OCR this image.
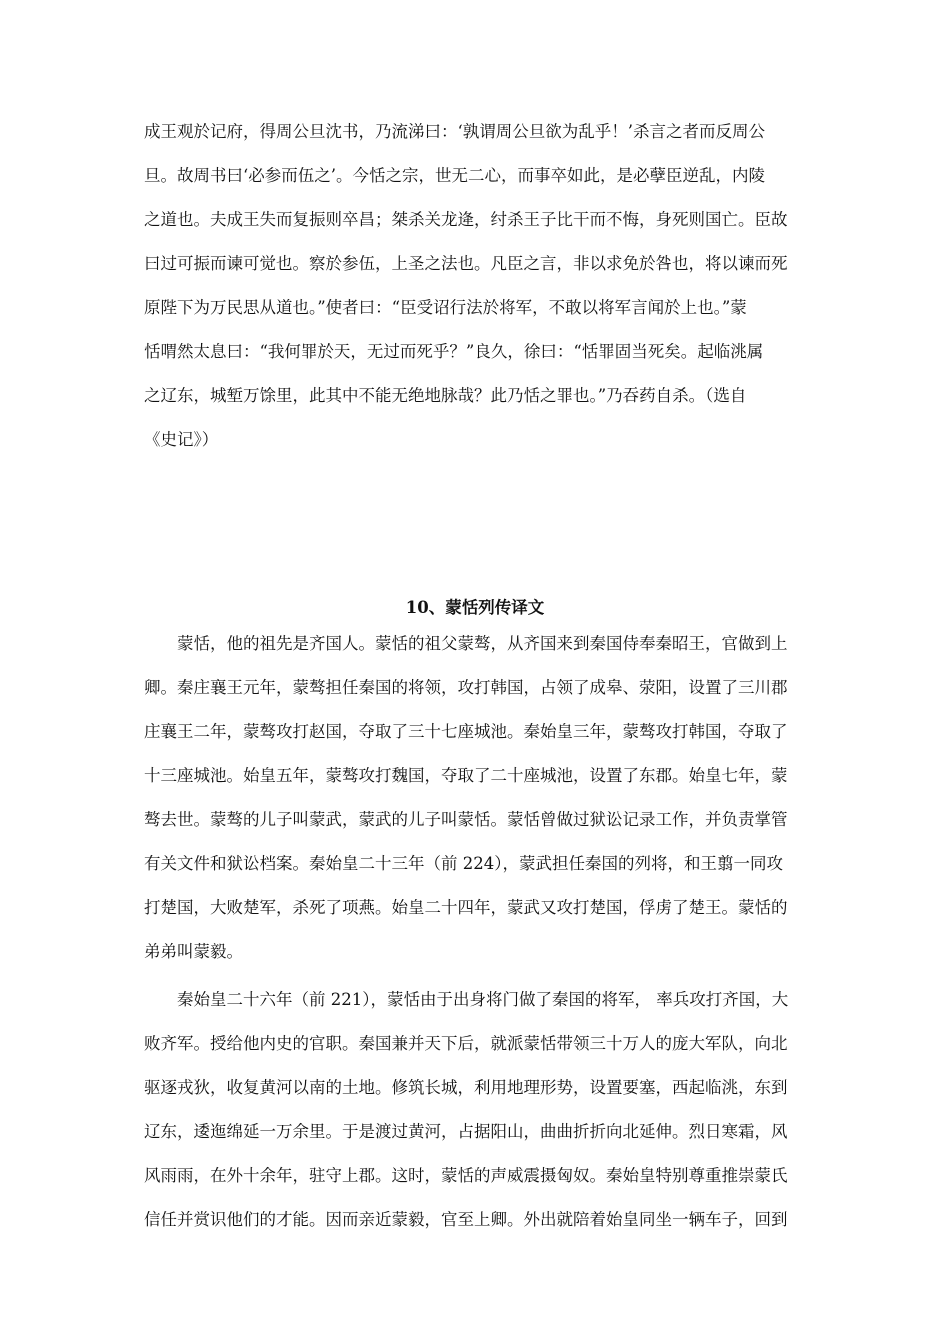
成王观於记府，得周公旦沈书，乃流涕曰：‘孰谓周公旦欲为乱乎！’杀言之者而反周公
旦。故周书曰‘必参而伍之’。今恬之宗，世无二心，而事卒如此，是必孽臣逆乱，内陵
之道也。夫成王失而复振则卒昌；桀杀关龙逄，纣杀王子比干而不悔，身死则国亡。臣故
曰过可振而谏可觉也。察於参伍，上圣之法也。凡臣之言，非以求免於咎也，将以谏而死
原陛下为万民思从道也。”使者曰：“臣受诏行法於将军，不敢以将军言闻於上也。”蒙
恬喟然太息曰：“我何罪於天，无过而死乎？”良久，徐曰：“恬罪固当死矣。起临洮属
之辽东，城堑万馀里，此其中不能无绝地脉哉？此乃恬之罪也。”乃吞药自杀。（选自
《史记》）
10、蒙恬列传译文
蒙恬，他的祖先是齐国人。蒙恬的祖父蒙骜，从齐国来到秦国侍奉秦昭王，官做到上
卿。秦庄襄王元年，蒙骜担任秦国的将领，攻打韩国，占领了成皋、荥阳，设置了三川郡
庄襄王二年，蒙骜攻打赵国，夺取了三十七座城池。秦始皇三年，蒙骜攻打韩国，夺取了
十三座城池。始皇五年，蒙骜攻打魏国，夺取了二十座城池，设置了东郡。始皇七年，蒙
骜去世。蒙骜的儿子叫蒙武，蒙武的儿子叫蒙恬。蒙恬曾做过狱讼记录工作，并负责掌管
有关文件和狱讼档案。秦始皇二十三年（前 224），蒙武担任秦国的列将，和王翦一同攻
打楚国，大败楚军，杀死了项燕。始皇二十四年，蒙武又攻打楚国，俘虏了楚王。蒙恬的
弟弟叫蒙毅。
秦始皇二十六年（前 221），蒙恬由于出身将门做了秦国的将军， 率兵攻打齐国，大
败齐军。授给他内史的官职。秦国兼并天下后，就派蒙恬带领三十万人的庞大军队，向北
驱逐戎狄，收复黄河以南的土地。修筑长城，利用地理形势，设置要塞，西起临洮，东到
辽东，逶迤绵延一万余里。于是渡过黄河，占据阳山，曲曲折折向北延伸。烈日寒霜，风
风雨雨，在外十余年，驻守上郡。这时，蒙恬的声威震摄匈奴。秦始皇特别尊重推崇蒙氏
信任并赏识他们的才能。因而亲近蒙毅，官至上卿。外出就陪着始皇同坐一辆车子，回到
